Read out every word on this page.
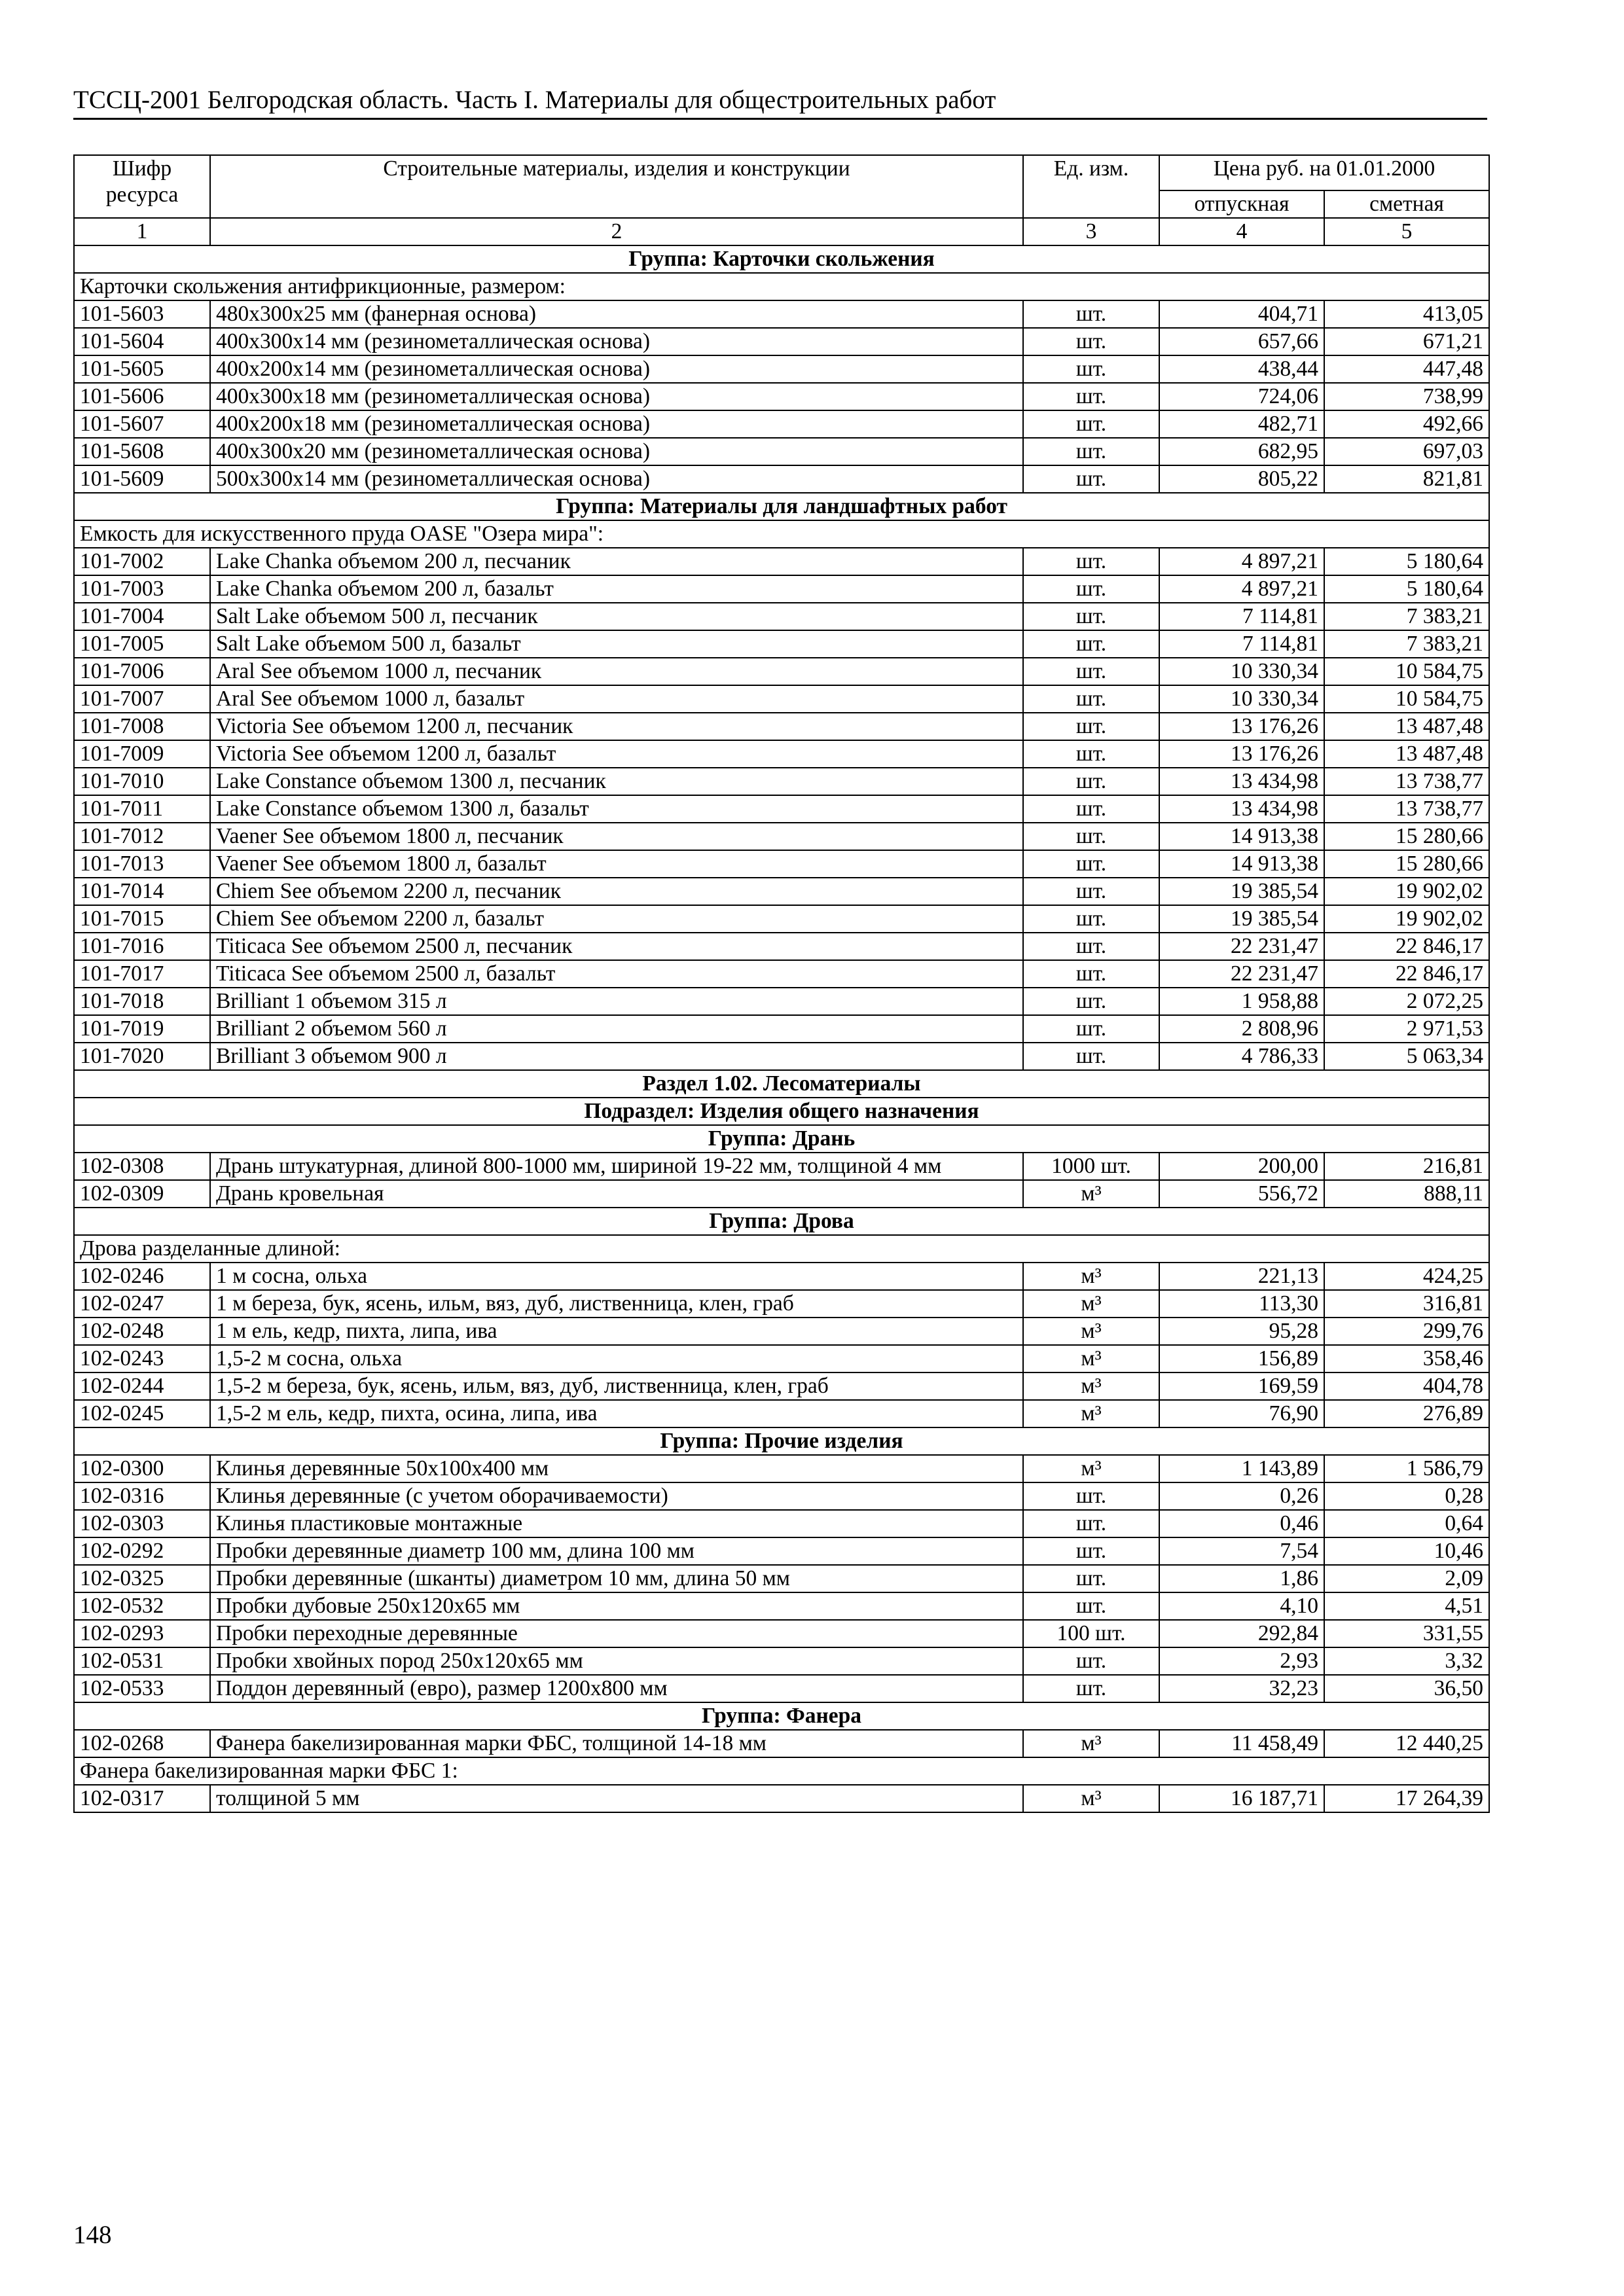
ТССЦ-2001 Белгородская область. Часть I. Материалы для общестроительных работ
Шифр ресурса	Строительные материалы, изделия и конструкции	Ед. изм.	Цена руб. на 01.01.2000	
			отпускная	сметная
1	2	3	4	5
Группа: Карточки скольжения				
Карточки скольжения антифрикционные, размером:				
101-5603	480х300х25 мм (фанерная основа)	шт.	404,71	413,05
101-5604	400х300х14 мм (резинометаллическая основа)	шт.	657,66	671,21
101-5605	400х200х14 мм (резинометаллическая основа)	шт.	438,44	447,48
101-5606	400х300х18 мм (резинометаллическая основа)	шт.	724,06	738,99
101-5607	400х200х18 мм (резинометаллическая основа)	шт.	482,71	492,66
101-5608	400х300х20 мм (резинометаллическая основа)	шт.	682,95	697,03
101-5609	500х300х14 мм (резинометаллическая основа)	шт.	805,22	821,81
Группа: Материалы для ландшафтных работ				
Емкость для искусственного пруда OASE "Озера мира":				
101-7002	Lake Chanka объемом 200 л, песчаник	шт.	4 897,21	5 180,64
101-7003	Lake Chanka объемом 200 л, базальт	шт.	4 897,21	5 180,64
101-7004	Salt Lake объемом 500 л, песчаник	шт.	7 114,81	7 383,21
101-7005	Salt Lake объемом 500 л, базальт	шт.	7 114,81	7 383,21
101-7006	Aral See объемом 1000 л, песчаник	шт.	10 330,34	10 584,75
101-7007	Aral See объемом 1000 л, базальт	шт.	10 330,34	10 584,75
101-7008	Victoria See объемом 1200 л, песчаник	шт.	13 176,26	13 487,48
101-7009	Victoria See объемом 1200 л, базальт	шт.	13 176,26	13 487,48
101-7010	Lake Constance объемом 1300 л, песчаник	шт.	13 434,98	13 738,77
101-7011	Lake Constance объемом 1300 л, базальт	шт.	13 434,98	13 738,77
101-7012	Vaener See объемом 1800 л, песчаник	шт.	14 913,38	15 280,66
101-7013	Vaener See объемом 1800 л, базальт	шт.	14 913,38	15 280,66
101-7014	Chiem See объемом 2200 л, песчаник	шт.	19 385,54	19 902,02
101-7015	Chiem See объемом 2200 л, базальт	шт.	19 385,54	19 902,02
101-7016	Titicaca See объемом 2500 л, песчаник	шт.	22 231,47	22 846,17
101-7017	Titicaca See объемом 2500 л, базальт	шт.	22 231,47	22 846,17
101-7018	Brilliant 1 объемом 315 л	шт.	1 958,88	2 072,25
101-7019	Brilliant 2 объемом 560 л	шт.	2 808,96	2 971,53
101-7020	Brilliant 3 объемом 900 л	шт.	4 786,33	5 063,34
Раздел 1.02. Лесоматериалы				
Подраздел: Изделия общего назначения				
Группа: Дрань				
102-0308	Дрань штукатурная, длиной 800-1000 мм, шириной 19-22 мм, толщиной 4 мм	1000 шт.	200,00	216,81
102-0309	Дрань кровельная	м³	556,72	888,11
Группа: Дрова				
Дрова разделанные длиной:				
102-0246	1 м сосна, ольха	м³	221,13	424,25
102-0247	1 м береза, бук, ясень, ильм, вяз, дуб, лиственница, клен, граб	м³	113,30	316,81
102-0248	1 м ель, кедр, пихта, липа, ива	м³	95,28	299,76
102-0243	1,5-2 м сосна, ольха	м³	156,89	358,46
102-0244	1,5-2 м береза, бук, ясень, ильм, вяз, дуб, лиственница, клен, граб	м³	169,59	404,78
102-0245	1,5-2 м ель, кедр, пихта, осина, липа, ива	м³	76,90	276,89
Группа: Прочие изделия				
102-0300	Клинья деревянные 50х100х400 мм	м³	1 143,89	1 586,79
102-0316	Клинья деревянные (с учетом оборачиваемости)	шт.	0,26	0,28
102-0303	Клинья пластиковые монтажные	шт.	0,46	0,64
102-0292	Пробки деревянные диаметр 100 мм, длина 100 мм	шт.	7,54	10,46
102-0325	Пробки деревянные (шканты) диаметром 10 мм, длина 50 мм	шт.	1,86	2,09
102-0532	Пробки дубовые 250х120х65 мм	шт.	4,10	4,51
102-0293	Пробки переходные деревянные	100 шт.	292,84	331,55
102-0531	Пробки хвойных пород 250х120х65 мм	шт.	2,93	3,32
102-0533	Поддон деревянный (евро), размер 1200х800 мм	шт.	32,23	36,50
Группа: Фанера				
102-0268	Фанера бакелизированная марки ФБС, толщиной 14-18 мм	м³	11 458,49	12 440,25
Фанера бакелизированная марки ФБС 1:				
102-0317	толщиной 5 мм	м³	16 187,71	17 264,39
148
